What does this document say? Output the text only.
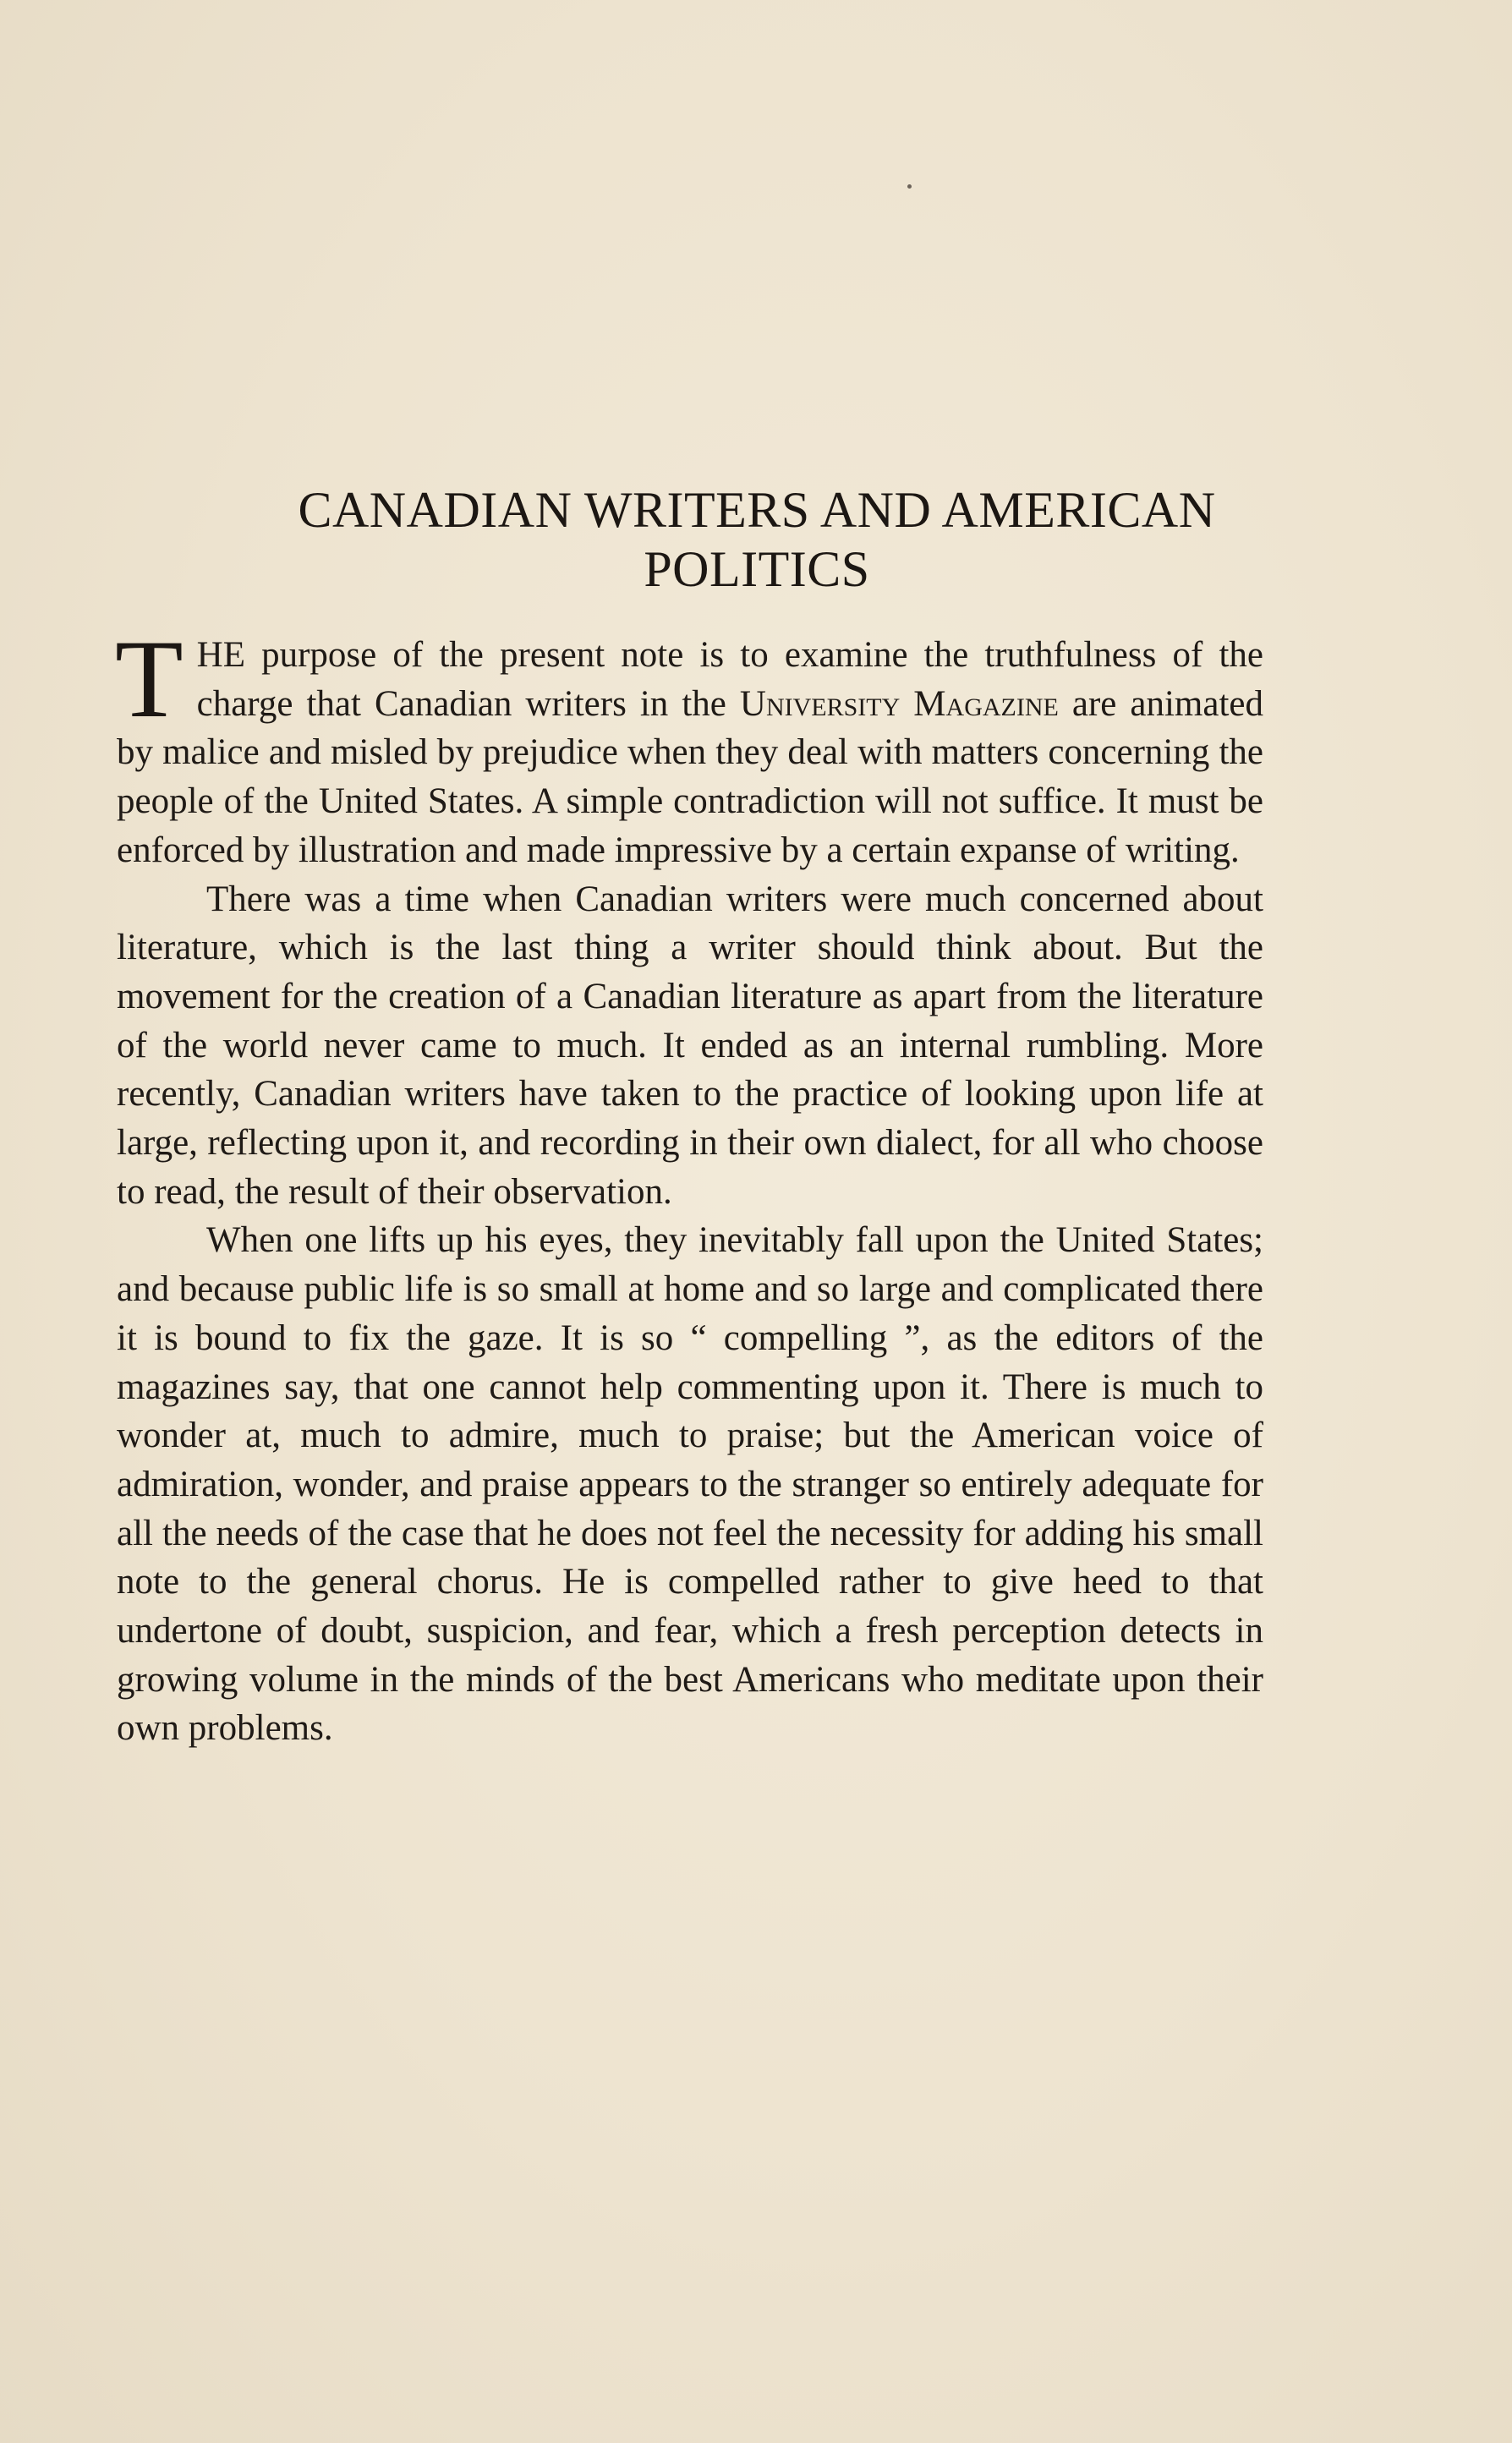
CANADIAN WRITERS AND AMERICAN
POLITICS

THE purpose of the present note is to examine the truthfulness of the charge that Canadian writers in the University Magazine are animated by malice and misled by prejudice when they deal with matters concerning the people of the United States. A simple contradiction will not suffice. It must be enforced by illustration and made impressive by a certain expanse of writing.

There was a time when Canadian writers were much concerned about literature, which is the last thing a writer should think about. But the movement for the creation of a Canadian literature as apart from the literature of the world never came to much. It ended as an internal rumbling. More recently, Canadian writers have taken to the practice of looking upon life at large, reflecting upon it, and recording in their own dialect, for all who choose to read, the result of their observation.

When one lifts up his eyes, they inevitably fall upon the United States; and because public life is so small at home and so large and complicated there it is bound to fix the gaze. It is so “ compelling ”, as the editors of the magazines say, that one cannot help commenting upon it. There is much to wonder at, much to admire, much to praise; but the American voice of admiration, wonder, and praise appears to the stranger so entirely adequate for all the needs of the case that he does not feel the necessity for adding his small note to the general chorus. He is compelled rather to give heed to that undertone of doubt, suspicion, and fear, which a fresh perception detects in growing volume in the minds of the best Americans who meditate upon their own problems.
